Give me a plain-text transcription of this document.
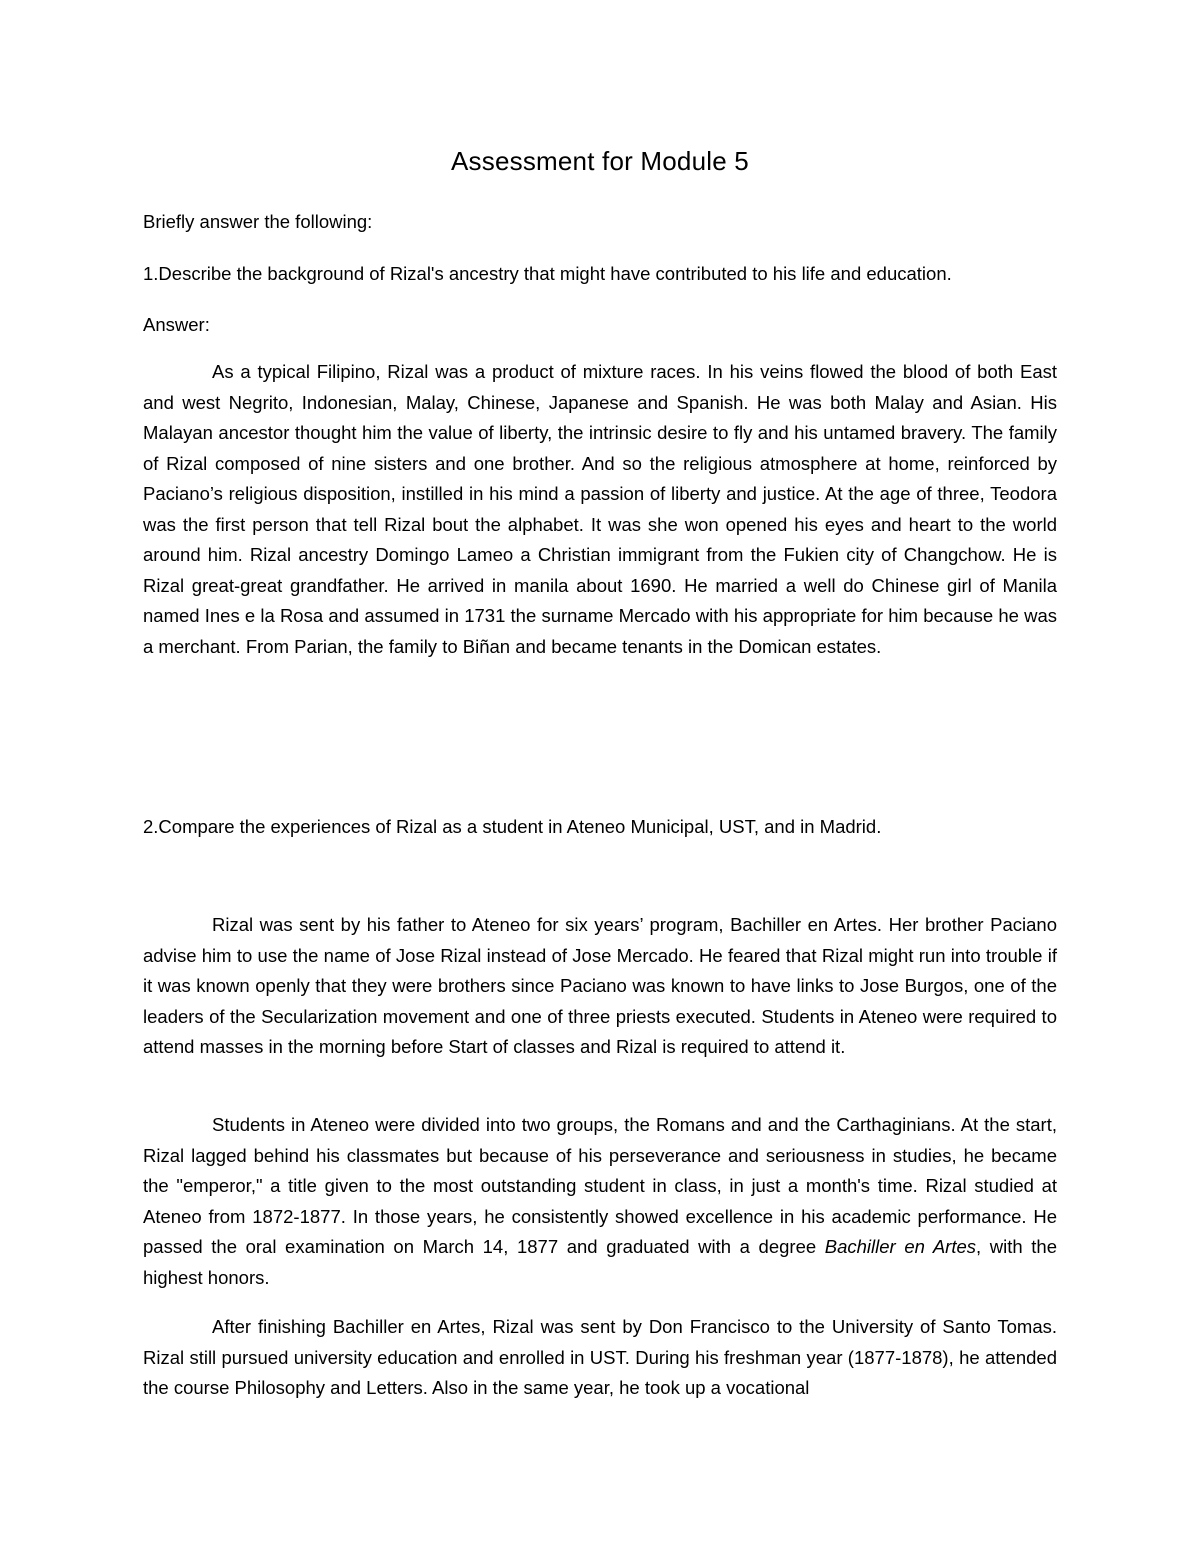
Assessment for Module 5
Briefly answer the following:
1.Describe the background of Rizal's ancestry that might have contributed to his life and education.
Answer:

As a typical Filipino, Rizal was a product of mixture races. In his veins flowed the blood of both East and west Negrito, Indonesian, Malay, Chinese, Japanese and Spanish. He was both Malay and Asian. His Malayan ancestor thought him the value of liberty, the intrinsic desire to fly and his untamed bravery. The family of Rizal composed of nine sisters and one brother. And so the religious atmosphere at home, reinforced by Paciano’s religious disposition, instilled in his mind a passion of liberty and justice. At the age of three, Teodora was the first person that tell Rizal bout the alphabet. It was she won opened his eyes and heart to the world around him. Rizal ancestry Domingo Lameo a Christian immigrant from the Fukien city of Changchow. He is Rizal great-great grandfather. He arrived in manila about 1690. He married a well do Chinese girl of Manila named Ines e la Rosa and assumed in 1731 the surname Mercado with his appropriate for him because he was a merchant. From Parian, the family to Biñan and became tenants in the Domican estates.

2.Compare the experiences of Rizal as a student in Ateneo Municipal, UST, and in Madrid.

Rizal was sent by his father to Ateneo for six years’ program, Bachiller en Artes. Her brother Paciano advise him to use the name of Jose Rizal instead of Jose Mercado. He feared that Rizal might run into trouble if it was known openly that they were brothers since Paciano was known to have links to Jose Burgos, one of the leaders of the Secularization movement and one of three priests executed. Students in Ateneo were required to attend masses in the morning before Start of classes and Rizal is required to attend it.

Students in Ateneo were divided into two groups, the Romans and and the Carthaginians. At the start, Rizal lagged behind his classmates but because of his perseverance and seriousness in studies, he became the "emperor," a title given to the most outstanding student in class, in just a month's time. Rizal studied at Ateneo from 1872-1877. In those years, he consistently showed excellence in his academic performance. He passed the oral examination on March 14, 1877 and graduated with a degree Bachiller en Artes, with the highest honors.

After finishing Bachiller en Artes, Rizal was sent by Don Francisco to the University of Santo Tomas. Rizal still pursued university education and enrolled in UST. During his freshman year (1877-1878), he attended the course Philosophy and Letters. Also in the same year, he took up a vocational
